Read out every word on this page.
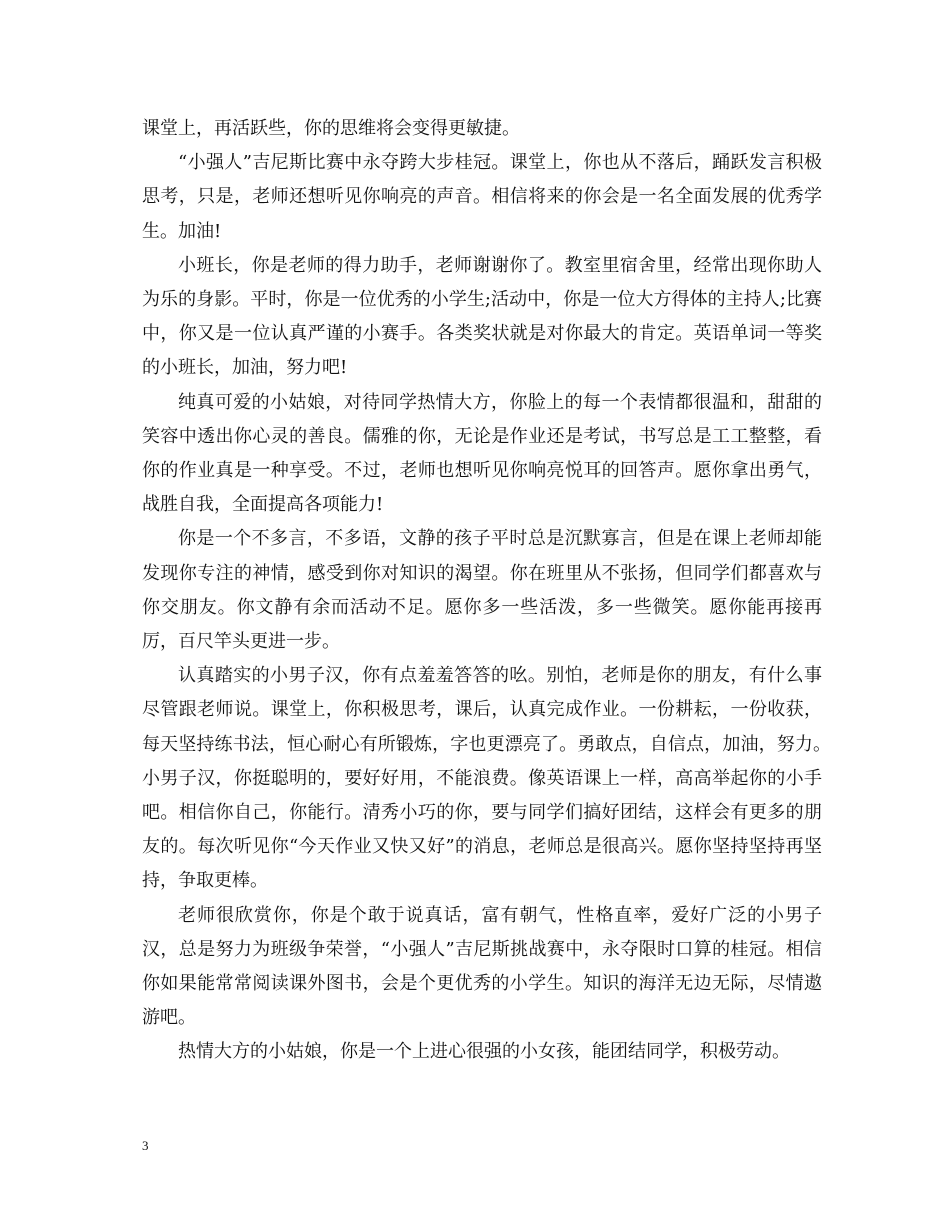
课堂上，再活跃些，你的思维将会变得更敏捷。

“小强人”吉尼斯比赛中永夺跨大步桂冠。课堂上，你也从不落后，踊跃发言积极思考，只是，老师还想听见你响亮的声音。相信将来的你会是一名全面发展的优秀学生。加油!

小班长，你是老师的得力助手，老师谢谢你了。教室里宿舍里，经常出现你助人为乐的身影。平时，你是一位优秀的小学生;活动中，你是一位大方得体的主持人;比赛中，你又是一位认真严谨的小赛手。各类奖状就是对你最大的肯定。英语单词一等奖的小班长，加油，努力吧!

纯真可爱的小姑娘，对待同学热情大方，你脸上的每一个表情都很温和，甜甜的笑容中透出你心灵的善良。儒雅的你，无论是作业还是考试，书写总是工工整整，看你的作业真是一种享受。不过，老师也想听见你响亮悦耳的回答声。愿你拿出勇气，战胜自我，全面提高各项能力!

你是一个不多言，不多语，文静的孩子平时总是沉默寡言，但是在课上老师却能发现你专注的神情，感受到你对知识的渴望。你在班里从不张扬，但同学们都喜欢与你交朋友。你文静有余而活动不足。愿你多一些活泼，多一些微笑。愿你能再接再厉，百尺竿头更进一步。

认真踏实的小男子汉，你有点羞羞答答的吆。别怕，老师是你的朋友，有什么事尽管跟老师说。课堂上，你积极思考，课后，认真完成作业。一份耕耘，一份收获，每天坚持练书法，恒心耐心有所锻炼，字也更漂亮了。勇敢点，自信点，加油，努力。　小男子汉，你挺聪明的，要好好用，不能浪费。像英语课上一样，高高举起你的小手吧。相信你自己，你能行。清秀小巧的你，要与同学们搞好团结，这样会有更多的朋友的。每次听见你“今天作业又快又好”的消息，老师总是很高兴。愿你坚持坚持再坚持，争取更棒。

老师很欣赏你，你是个敢于说真话，富有朝气，性格直率，爱好广泛的小男子汉，总是努力为班级争荣誉，“小强人”吉尼斯挑战赛中，永夺限时口算的桂冠。相信你如果能常常阅读课外图书，会是个更优秀的小学生。知识的海洋无边无际，尽情遨游吧。

热情大方的小姑娘，你是一个上进心很强的小女孩，能团结同学，积极劳动。

3
